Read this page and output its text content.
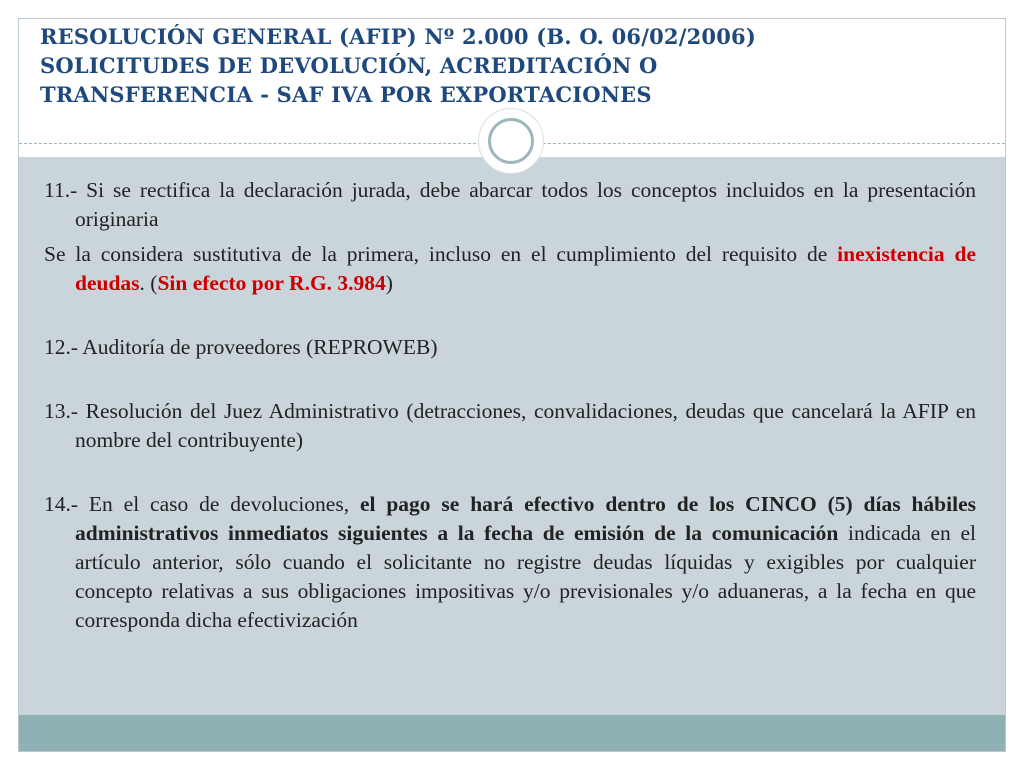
RESOLUCIÓN GENERAL (AFIP) Nº 2.000 (B. O. 06/02/2006)
SOLICITUDES DE DEVOLUCIÓN, ACREDITACIÓN O
TRANSFERENCIA - SAF IVA POR EXPORTACIONES

11.- Si se rectifica la declaración jurada, debe abarcar todos los conceptos incluidos en la presentación originaria

Se la considera sustitutiva de la primera, incluso en el cumplimiento del requisito de inexistencia de deudas. (Sin efecto por R.G. 3.984)

12.- Auditoría de proveedores (REPROWEB)

13.- Resolución del Juez Administrativo (detracciones, convalidaciones, deudas que cancelará la AFIP en nombre del contribuyente)

14.- En el caso de devoluciones, el pago se hará efectivo dentro de los CINCO (5) días hábiles administrativos inmediatos siguientes a la fecha de emisión de la comunicación indicada en el artículo anterior, sólo cuando el solicitante no registre deudas líquidas y exigibles por cualquier concepto relativas a sus obligaciones impositivas y/o previsionales y/o aduaneras, a la fecha en que corresponda dicha efectivización
